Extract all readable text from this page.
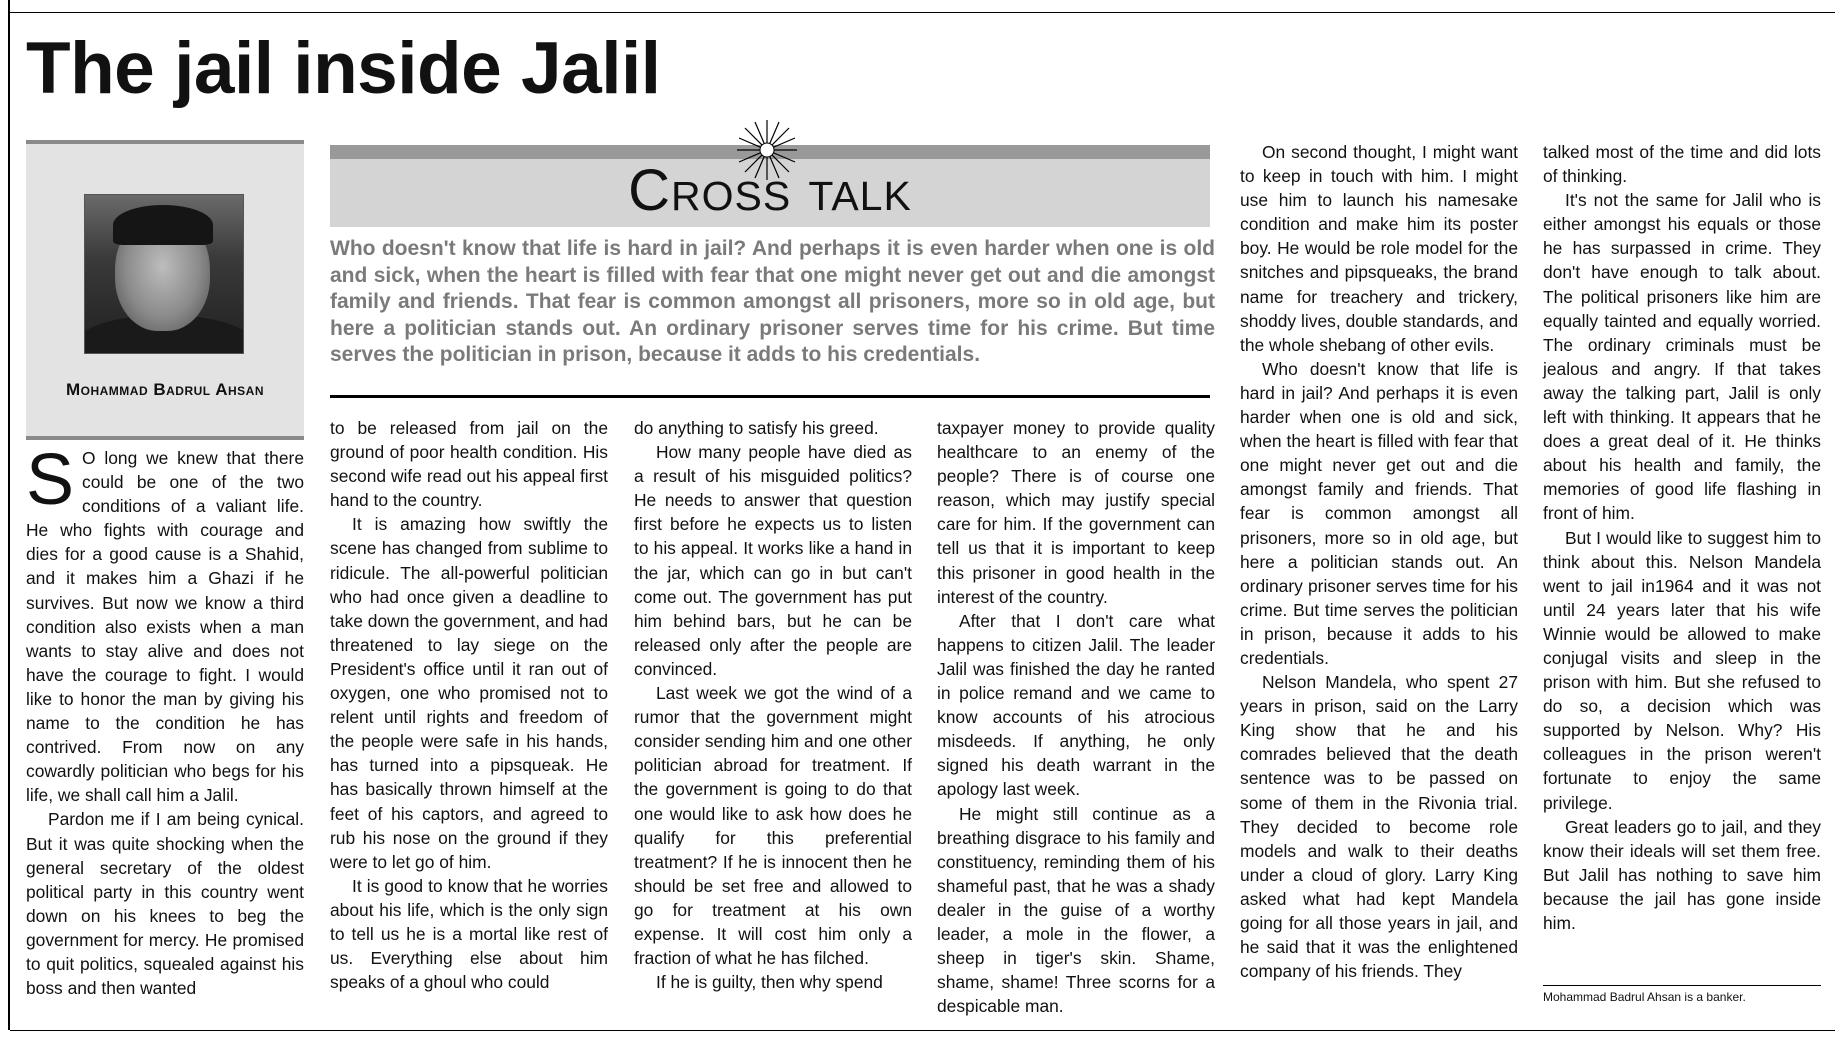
The jail inside Jalil
Mohammad Badrul Ahsan
Cross talk

Who doesn't know that life is hard in jail? And perhaps it is even harder when one is old and sick, when the heart is filled with fear that one might never get out and die amongst family and friends. That fear is common amongst all prisoners, more so in old age, but here a politician stands out. An ordinary prisoner serves time for his crime. But time serves the politician in prison, because it adds to his credentials.

S O long we knew that there could be one of the two conditions of a valiant life. He who fights with courage and dies for a good cause is a Shahid, and it makes him a Ghazi if he survives. But now we know a third condition also exists when a man wants to stay alive and does not have the courage to fight. I would like to honor the man by giving his name to the condition he has contrived. From now on any cowardly politician who begs for his life, we shall call him a Jalil.

Pardon me if I am being cynical. But it was quite shocking when the general secretary of the oldest political party in this country went down on his knees to beg the government for mercy. He promised to quit politics, squealed against his boss and then wanted

to be released from jail on the ground of poor health condition. His second wife read out his appeal first hand to the country.

It is amazing how swiftly the scene has changed from sublime to ridicule. The all-powerful politician who had once given a deadline to take down the government, and had threatened to lay siege on the President's office until it ran out of oxygen, one who promised not to relent until rights and freedom of the people were safe in his hands, has turned into a pipsqueak. He has basically thrown himself at the feet of his captors, and agreed to rub his nose on the ground if they were to let go of him.

It is good to know that he worries about his life, which is the only sign to tell us he is a mortal like rest of us. Everything else about him speaks of a ghoul who could

do anything to satisfy his greed.

How many people have died as a result of his misguided politics? He needs to answer that question first before he expects us to listen to his appeal. It works like a hand in the jar, which can go in but can't come out. The government has put him behind bars, but he can be released only after the people are convinced.

Last week we got the wind of a rumor that the government might consider sending him and one other politician abroad for treatment. If the government is going to do that one would like to ask how does he qualify for this preferential treatment? If he is innocent then he should be set free and allowed to go for treatment at his own expense. It will cost him only a fraction of what he has filched.

If he is guilty, then why spend

taxpayer money to provide quality healthcare to an enemy of the people? There is of course one reason, which may justify special care for him. If the government can tell us that it is important to keep this prisoner in good health in the interest of the country.

After that I don't care what happens to citizen Jalil. The leader Jalil was finished the day he ranted in police remand and we came to know accounts of his atrocious misdeeds. If anything, he only signed his death warrant in the apology last week.

He might still continue as a breathing disgrace to his family and constituency, reminding them of his shameful past, that he was a shady dealer in the guise of a worthy leader, a mole in the flower, a sheep in tiger's skin. Shame, shame, shame! Three scorns for a despicable man.

On second thought, I might want to keep in touch with him. I might use him to launch his namesake condition and make him its poster boy. He would be role model for the snitches and pipsqueaks, the brand name for treachery and trickery, shoddy lives, double standards, and the whole shebang of other evils.

Who doesn't know that life is hard in jail? And perhaps it is even harder when one is old and sick, when the heart is filled with fear that one might never get out and die amongst family and friends. That fear is common amongst all prisoners, more so in old age, but here a politician stands out. An ordinary prisoner serves time for his crime. But time serves the politician in prison, because it adds to his credentials.

Nelson Mandela, who spent 27 years in prison, said on the Larry King show that he and his comrades believed that the death sentence was to be passed on some of them in the Rivonia trial. They decided to become role models and walk to their deaths under a cloud of glory. Larry King asked what had kept Mandela going for all those years in jail, and he said that it was the enlightened company of his friends. They

talked most of the time and did lots of thinking.

It's not the same for Jalil who is either amongst his equals or those he has surpassed in crime. They don't have enough to talk about. The political prisoners like him are equally tainted and equally worried. The ordinary criminals must be jealous and angry. If that takes away the talking part, Jalil is only left with thinking. It appears that he does a great deal of it. He thinks about his health and family, the memories of good life flashing in front of him.

But I would like to suggest him to think about this. Nelson Mandela went to jail in1964 and it was not until 24 years later that his wife Winnie would be allowed to make conjugal visits and sleep in the prison with him. But she refused to do so, a decision which was supported by Nelson. Why? His colleagues in the prison weren't fortunate to enjoy the same privilege.

Great leaders go to jail, and they know their ideals will set them free. But Jalil has nothing to save him because the jail has gone inside him.

Mohammad Badrul Ahsan is a banker.
